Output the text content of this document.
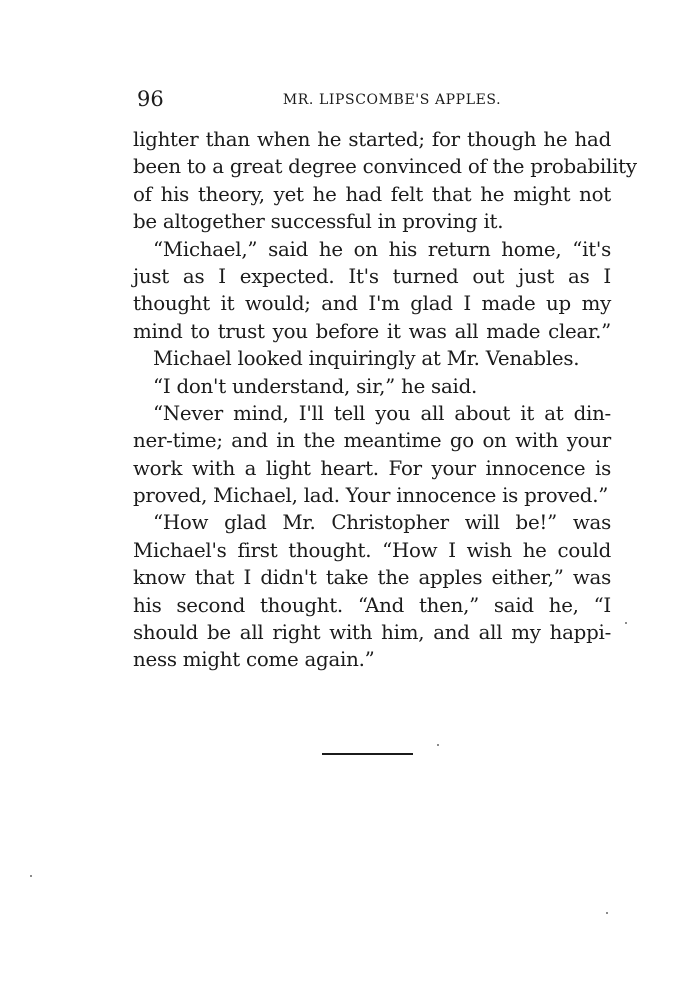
96	MR. LIPSCOMBE'S APPLES.
lighter than when he started; for though he had
been to a great degree convinced of the probability
of his theory, yet he had felt that he might not
be altogether successful in proving it.
“Michael,” said he on his return home, “it's
just as I expected. It's turned out just as I
thought it would; and I'm glad I made up my
mind to trust you before it was all made clear.”
Michael looked inquiringly at Mr. Venables.
“I don't understand, sir,” he said.
“Never mind, I'll tell you all about it at din-
ner-time; and in the meantime go on with your
work with a light heart. For your innocence is
proved, Michael, lad. Your innocence is proved.”
“How glad Mr. Christopher will be!” was
Michael's first thought. “How I wish he could
know that I didn't take the apples either,” was
his second thought. “And then,” said he, “I
should be all right with him, and all my happi-
ness might come again.”
